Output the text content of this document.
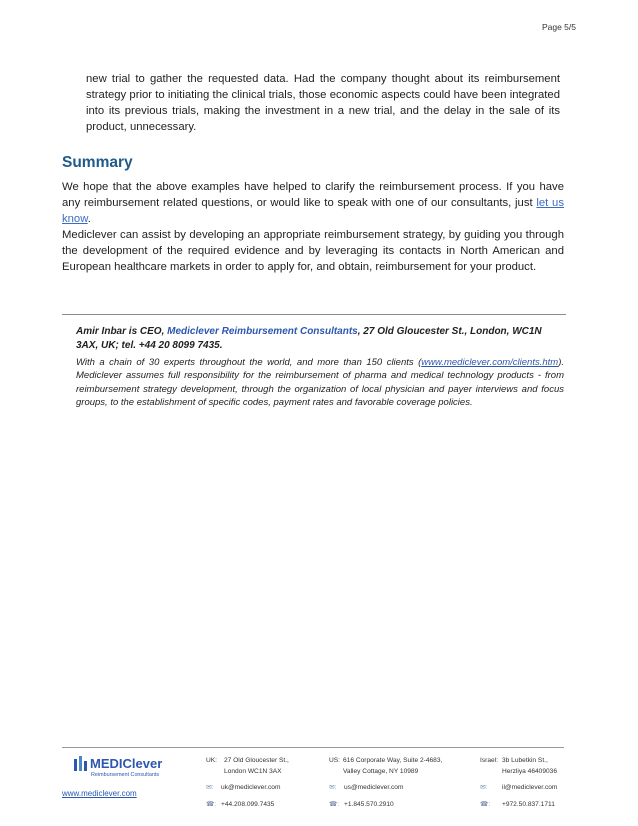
Page 5/5

new trial to gather the requested data. Had the company thought about its reimbursement strategy prior to initiating the clinical trials, those economic aspects could have been integrated into its previous trials, making the investment in a new trial, and the delay in the sale of its product, unnecessary.

Summary

We hope that the above examples have helped to clarify the reimbursement process. If you have any reimbursement related questions, or would like to speak with one of our consultants, just let us know.

Mediclever can assist by developing an appropriate reimbursement strategy, by guiding you through the development of the required evidence and by leveraging its contacts in North American and European healthcare markets in order to apply for, and obtain, reimbursement for your product.

Amir Inbar is CEO, Mediclever Reimbursement Consultants, 27 Old Gloucester St., London, WC1N 3AX, UK; tel. +44 20 8099 7435.
With a chain of 30 experts throughout the world, and more than 150 clients (www.mediclever.com/clients.htm). Mediclever assumes full responsibility for the reimbursement of pharma and medical technology products - from reimbursement strategy development, through the organization of local physician and payer interviews and focus groups, to the establishment of specific codes, payment rates and favorable coverage policies.
MEDIClever
Reimbursement Consultants
www.mediclever.com
UK:	27 Old Gloucester St.,
London WC1N 3AX
✉:	uk@mediclever.com
☎: +44.208.099.7435
US: 616 Corporate Way, Suite 2-4683,
Valley Cottage, NY 10989
✉:	us@mediclever.com
☎: +1.845.570.2910
Israel: 3b Lubetkin St.,
Herzliya 46409036
✉:	il@mediclever.com
☎:	+972.50.837.1711
